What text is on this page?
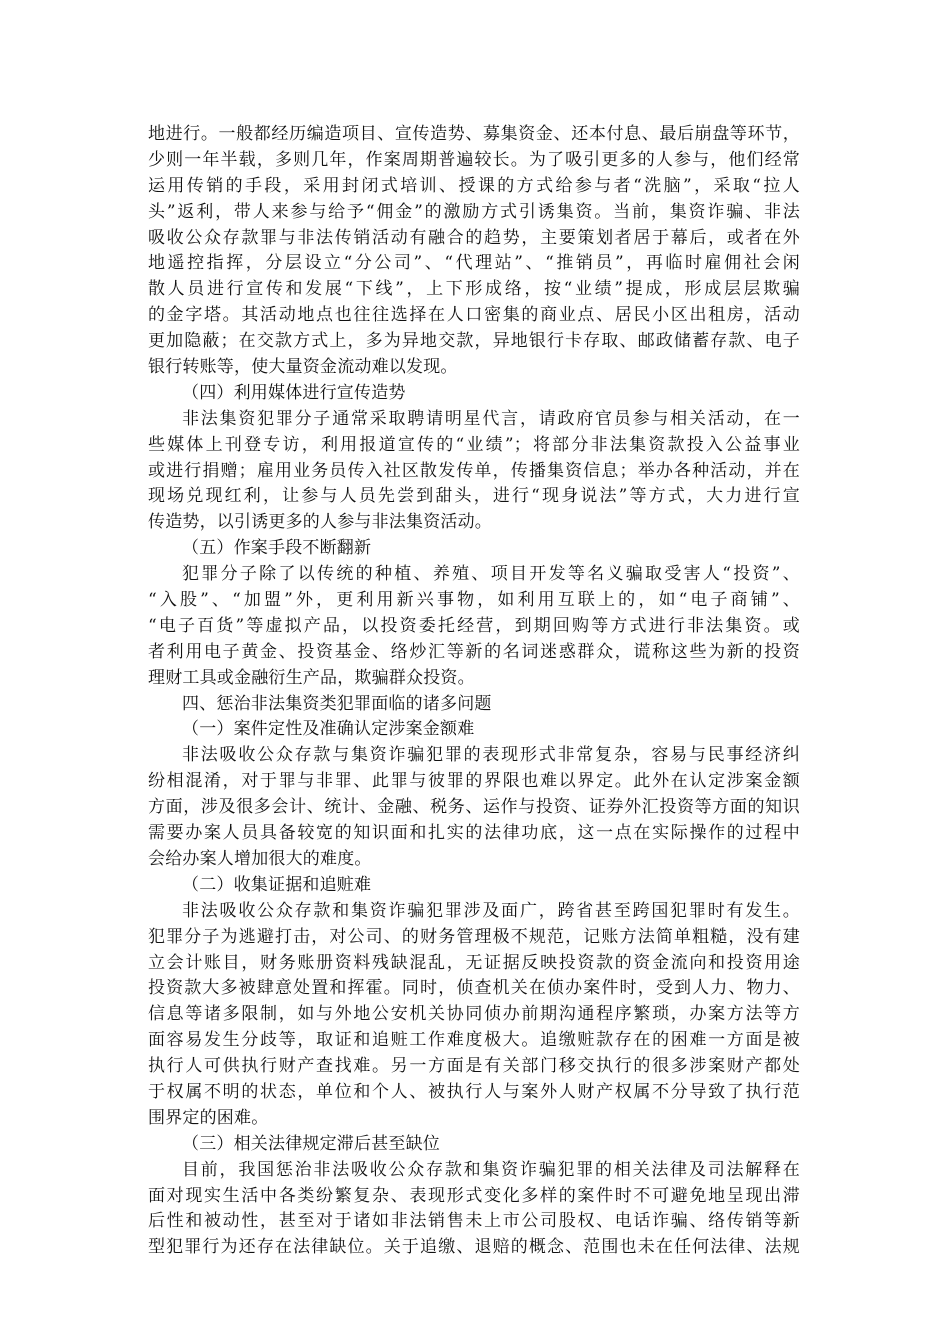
地进行。一般都经历编造项目、宣传造势、募集资金、还本付息、最后崩盘等环节，
少则一年半载，多则几年，作案周期普遍较长。为了吸引更多的人参与，他们经常
运用传销的手段，采用封闭式培训、授课的方式给参与者“洗脑”，采取“拉人
头”返利，带人来参与给予“佣金”的激励方式引诱集资。当前，集资诈骗、非法
吸收公众存款罪与非法传销活动有融合的趋势，主要策划者居于幕后，或者在外
地遥控指挥，分层设立“分公司”、“代理站”、“推销员”，再临时雇佣社会闲
散人员进行宣传和发展“下线”，上下形成络，按“业绩”提成，形成层层欺骗
的金字塔。其活动地点也往往选择在人口密集的商业点、居民小区出租房，活动
更加隐蔽；在交款方式上，多为异地交款，异地银行卡存取、邮政储蓄存款、电子
银行转账等，使大量资金流动难以发现。
（四）利用媒体进行宣传造势
非法集资犯罪分子通常采取聘请明星代言，请政府官员参与相关活动，在一
些媒体上刊登专访，利用报道宣传的“业绩”；将部分非法集资款投入公益事业
或进行捐赠；雇用业务员传入社区散发传单，传播集资信息；举办各种活动，并在
现场兑现红利，让参与人员先尝到甜头，进行“现身说法”等方式，大力进行宣
传造势，以引诱更多的人参与非法集资活动。
（五）作案手段不断翻新
犯罪分子除了以传统的种植、养殖、项目开发等名义骗取受害人“投资”、
“入股”、“加盟”外，更利用新兴事物，如利用互联上的，如“电子商铺”、
“电子百货”等虚拟产品，以投资委托经营，到期回购等方式进行非法集资。或
者利用电子黄金、投资基金、络炒汇等新的名词迷惑群众，谎称这些为新的投资
理财工具或金融衍生产品，欺骗群众投资。
四、惩治非法集资类犯罪面临的诸多问题
（一）案件定性及准确认定涉案金额难
非法吸收公众存款与集资诈骗犯罪的表现形式非常复杂，容易与民事经济纠
纷相混淆，对于罪与非罪、此罪与彼罪的界限也难以界定。此外在认定涉案金额
方面，涉及很多会计、统计、金融、税务、运作与投资、证券外汇投资等方面的知识
需要办案人员具备较宽的知识面和扎实的法律功底，这一点在实际操作的过程中
会给办案人增加很大的难度。
（二）收集证据和追赃难
非法吸收公众存款和集资诈骗犯罪涉及面广，跨省甚至跨国犯罪时有发生。
犯罪分子为逃避打击，对公司、的财务管理极不规范，记账方法简单粗糙，没有建
立会计账目，财务账册资料残缺混乱，无证据反映投资款的资金流向和投资用途
投资款大多被肆意处置和挥霍。同时，侦查机关在侦办案件时，受到人力、物力、
信息等诸多限制，如与外地公安机关协同侦办前期沟通程序繁琐，办案方法等方
面容易发生分歧等，取证和追赃工作难度极大。追缴赃款存在的困难一方面是被
执行人可供执行财产查找难。另一方面是有关部门移交执行的很多涉案财产都处
于权属不明的状态，单位和个人、被执行人与案外人财产权属不分导致了执行范
围界定的困难。
（三）相关法律规定滞后甚至缺位
目前，我国惩治非法吸收公众存款和集资诈骗犯罪的相关法律及司法解释在
面对现实生活中各类纷繁复杂、表现形式变化多样的案件时不可避免地呈现出滞
后性和被动性，甚至对于诸如非法销售未上市公司股权、电话诈骗、络传销等新
型犯罪行为还存在法律缺位。关于追缴、退赔的概念、范围也未在任何法律、法规
